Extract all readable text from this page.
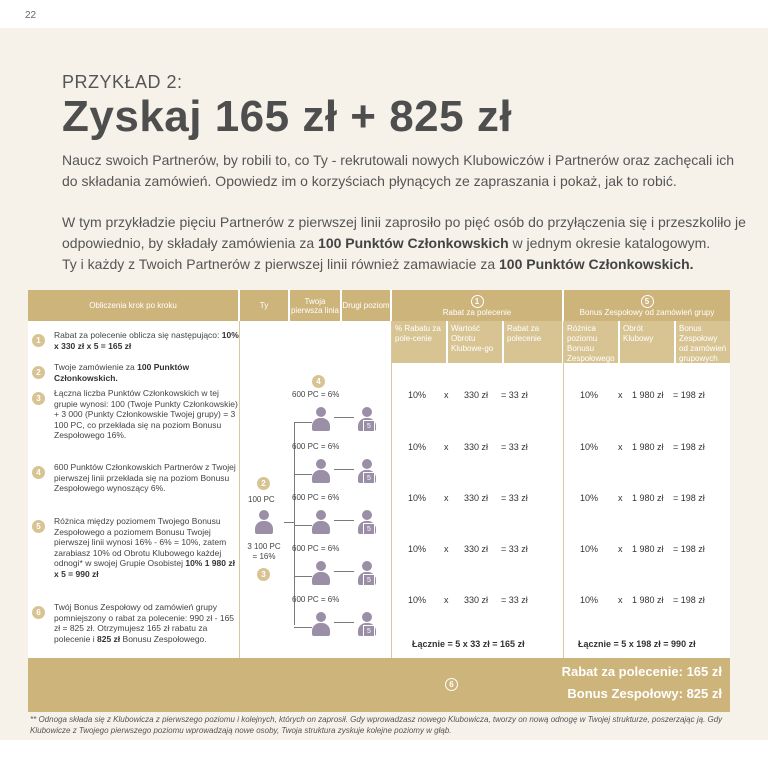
22
PRZYKŁAD 2:
Zyskaj 165 zł + 825 zł

Naucz swoich Partnerów, by robili to, co Ty - rekrutowali nowych Klubowiczów i Partnerów oraz zachęcali ich do składania zamówień. Opowiedz im o korzyściach płynących ze zapraszania i pokaż, jak to robić.

W tym przykładzie pięciu Partnerów z pierwszej linii zaprosiło po pięć osób do przyłączenia się i przeszkoliło je odpowiednio, by składały zamówienia za 100 Punktów Członkowskich w jednym okresie katalogowym.
Ty i każdy z Twoich Partnerów z pierwszej linii również zamawiacie za 100 Punktów Członkowskich.

Obliczenia krok po kroku	Ty	Twoja pierwsza linia Drugi poziom	1
Rabat za polecenie
5
Bonus Zespołowy od zamówień grupy
% Rabatu za pole-cenie
Wartość Obrotu Klubowe-go
Rabat za polecenie
Różnica poziomu Bonusu Zespołowego
Obrót Klubowy
Bonus Zespołowy od zamówień grupowych
1
Rabat za polecenie oblicza się następująco: 10% x 330 zł x 5 = 165 zł
2
Twoje zamówienie za 100 Punktów Członkowskich.
3
Łączna liczba Punktów Członkowskich w tej grupie wynosi: 100 (Twoje Punkty Członkowskie) + 3 000 (Punkty Członkowskie Twojej grupy) = 3 100 PC, co przekłada się na poziom Bonusu Zespołowego 16%.
4
600 Punktów Członkowskich Partnerów z Twojej pierwszej linii przekłada się na poziom Bonusu Zespołowego wynoszący 6%.
5
Różnica między poziomem Twojego Bonusu Zespołowego a poziomem Bonusu Twojej pierwszej linii wynosi 16% - 6% = 10%, zatem zarabiasz 10% od Obrotu Klubowego każdej odnogi* w swojej Grupie Osobistej 10% 1 980 zł x 5 = 990 zł
6
Twój Bonus Zespołowy od zamówień grupy pomniejszony o rabat za polecenie: 990 zł - 165 zł = 825 zł. Otrzymujesz 165 zł rabatu za polecenie i 825 zł Bonusu Zespołowego.
2
100 PC
3 100 PC = 16%
3
4
600 PC = 6%
5
10% x 330 zł = 33 zł	10% x 1 980 zł = 198 zł
600 PC = 6%
5
10% x 330 zł = 33 zł	10% x 1 980 zł = 198 zł
600 PC = 6%
5
10% x 330 zł = 33 zł	10% x 1 980 zł = 198 zł
600 PC = 6%
5
10% x 330 zł = 33 zł	10% x 1 980 zł = 198 zł
600 PC = 6%
5
10% x 330 zł = 33 zł	10% x 1 980 zł = 198 zł
Łącznie = 5 x 33 zł = 165 zł	Łącznie = 5 x 198 zł = 990 zł
6
Rabat za polecenie: 165 zł
Bonus Zespołowy: 825 zł

** Odnoga składa się z Klubowicza z pierwszego poziomu i kolejnych, których on zaprosił. Gdy wprowadzasz nowego Klubowicza, tworzy on nową odnogę w Twojej strukturze, poszerzając ją. Gdy Klubowicze z Twojego pierwszego poziomu wprowadzają nowe osoby, Twoja struktura zyskuje kolejne poziomy w głąb.
